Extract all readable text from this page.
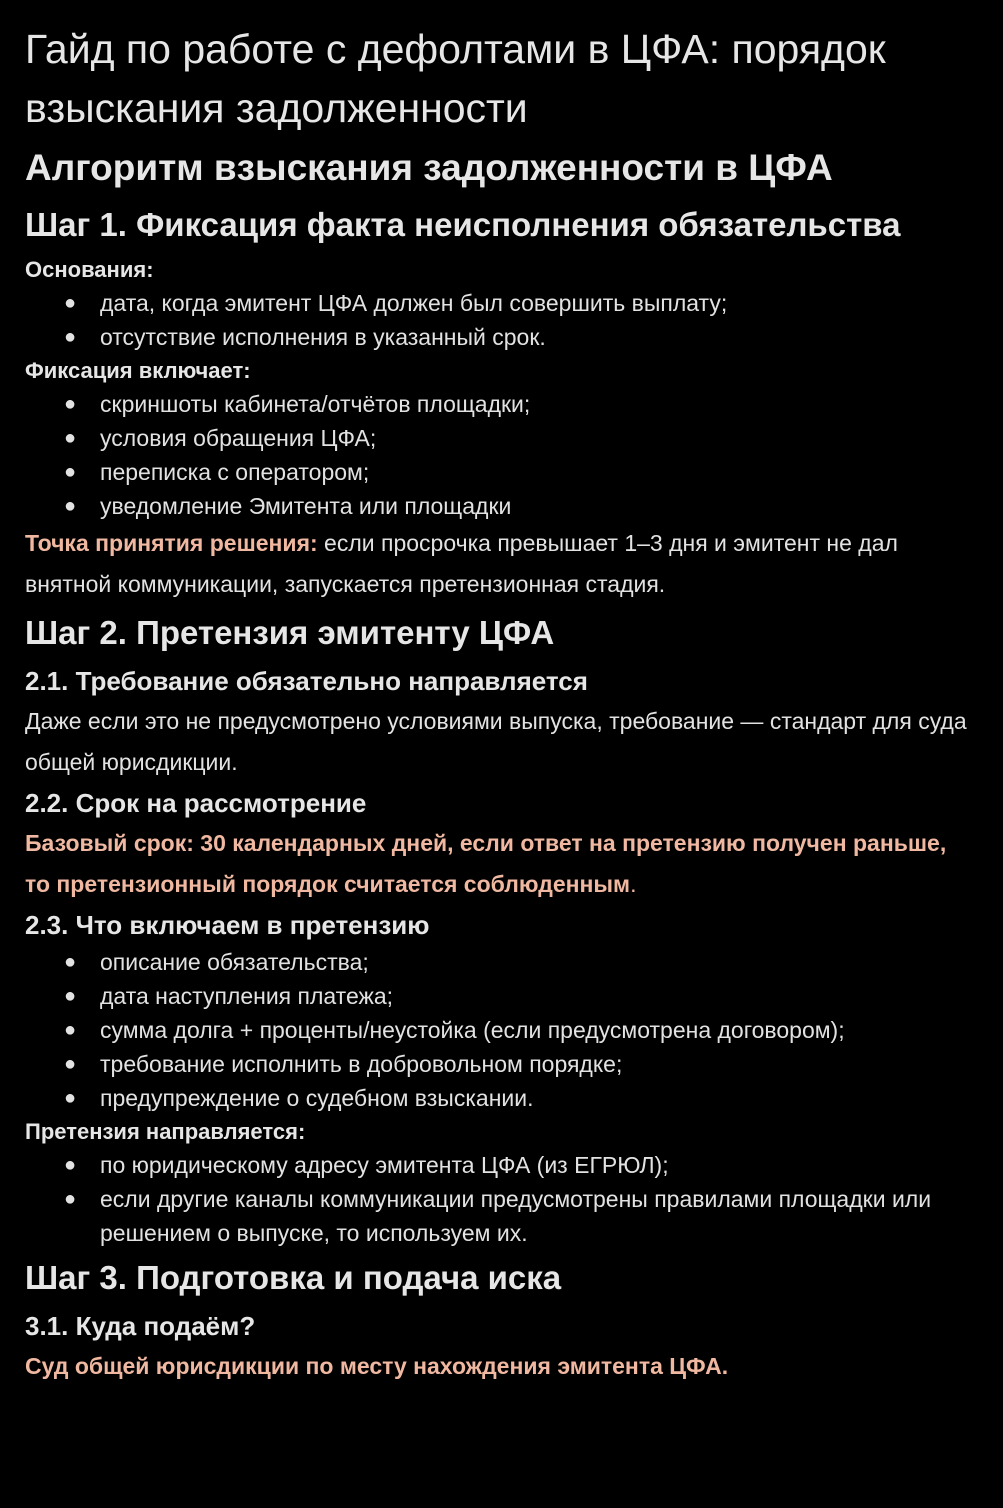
Гайд по работе с дефолтами в ЦФА: порядок взыскания задолженности
Алгоритм взыскания задолженности в ЦФА
Шаг 1. Фиксация факта неисполнения обязательства

Основания:

● дата, когда эмитент ЦФА должен был совершить выплату;
● отсутствие исполнения в указанный срок.

Фиксация включает:

● скриншоты кабинета/отчётов площадки;
● условия обращения ЦФА;
● переписка с оператором;
● уведомление Эмитента или площадки

Точка принятия решения: если просрочка превышает 1–3 дня и эмитент не дал внятной коммуникации, запускается претензионная стадия.

Шаг 2. Претензия эмитенту ЦФА
2.1. Требование обязательно направляется

Даже если это не предусмотрено условиями выпуска, требование — стандарт для суда общей юрисдикции.

2.2. Срок на рассмотрение

Базовый срок: 30 календарных дней, если ответ на претензию получен раньше, то претензионный порядок считается соблюденным.

2.3. Что включаем в претензию
● описание обязательства;
● дата наступления платежа;
● сумма долга + проценты/неустойка (если предусмотрена договором);
● требование исполнить в добровольном порядке;
● предупреждение о судебном взыскании.

Претензия направляется:

● по юридическому адресу эмитента ЦФА (из ЕГРЮЛ);
● если другие каналы коммуникации предусмотрены правилами площадки или решением о выпуске, то используем их.
Шаг 3. Подготовка и подача иска
3.1. Куда подаём?

Суд общей юрисдикции по месту нахождения эмитента ЦФА.
